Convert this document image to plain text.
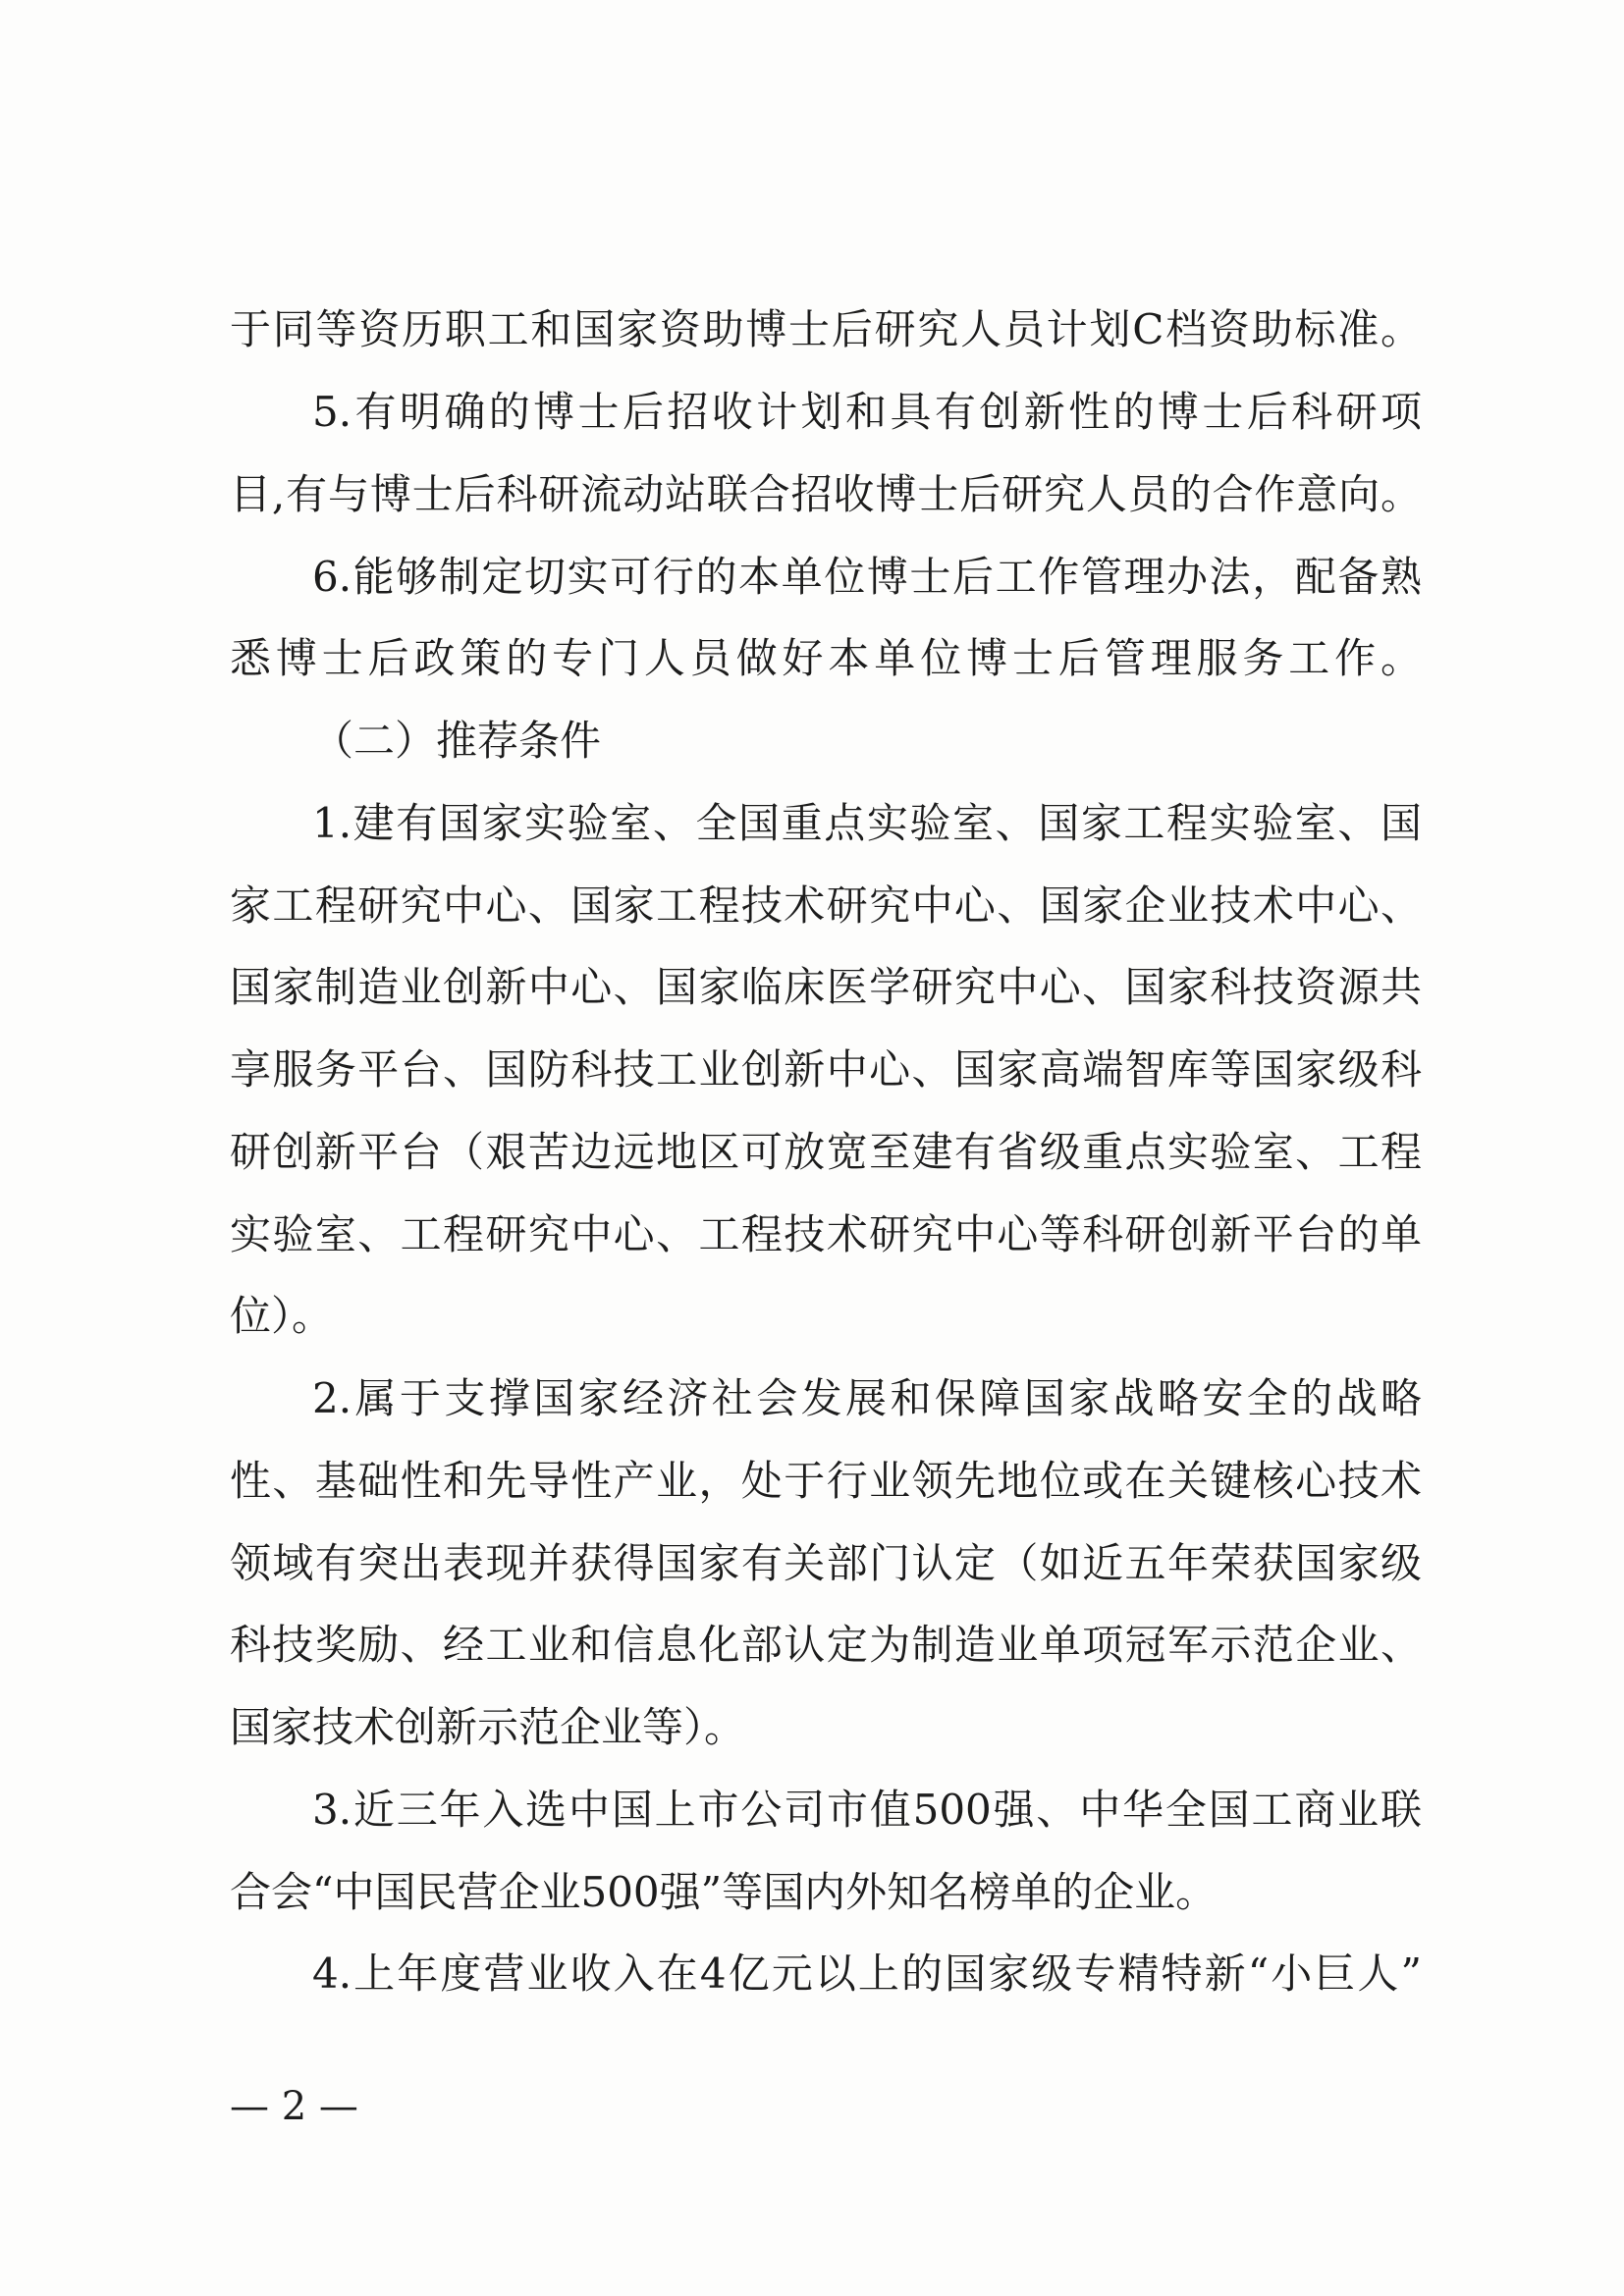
于同等资历职工和国家资助博士后研究人员计划C档资助标准。
5.有明确的博士后招收计划和具有创新性的博士后科研项
目,有与博士后科研流动站联合招收博士后研究人员的合作意向。
6.能够制定切实可行的本单位博士后工作管理办法，配备熟
悉博士后政策的专门人员做好本单位博士后管理服务工作。
（二）推荐条件
1.建有国家实验室、全国重点实验室、国家工程实验室、国
家工程研究中心、国家工程技术研究中心、国家企业技术中心、
国家制造业创新中心、国家临床医学研究中心、国家科技资源共
享服务平台、国防科技工业创新中心、国家高端智库等国家级科
研创新平台（艰苦边远地区可放宽至建有省级重点实验室、工程
实验室、工程研究中心、工程技术研究中心等科研创新平台的单
位）。
2.属于支撑国家经济社会发展和保障国家战略安全的战略
性、基础性和先导性产业，处于行业领先地位或在关键核心技术
领域有突出表现并获得国家有关部门认定（如近五年荣获国家级
科技奖励、经工业和信息化部认定为制造业单项冠军示范企业、
国家技术创新示范企业等）。
3.近三年入选中国上市公司市值500强、中华全国工商业联
合会“中国民营企业500强”等国内外知名榜单的企业。
4.上年度营业收入在4亿元以上的国家级专精特新“小巨人”
— 2 —
